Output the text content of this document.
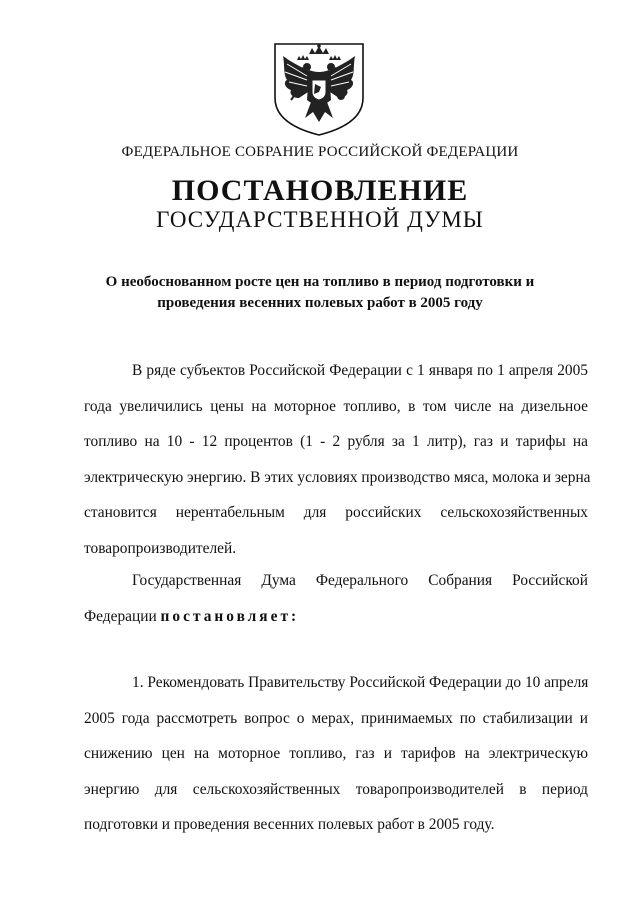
ФЕДЕРАЛЬНОЕ СОБРАНИЕ РОССИЙСКОЙ ФЕДЕРАЦИИ
ПОСТАНОВЛЕНИЕ
ГОСУДАРСТВЕННОЙ ДУМЫ
О необоснованном росте цен на топливо в период подготовки и
проведения весенних полевых работ в 2005 году
В ряде субъектов Российской Федерации с 1 января по 1 апреля 2005
года увеличились цены на моторное топливо, в том числе на дизельное
топливо на 10 - 12 процентов (1 - 2 рубля за 1 литр), газ и тарифы на
электрическую энергию. В этих условиях производство мяса, молока и зерна
становится нерентабельным для российских сельскохозяйственных
товаропроизводителей.
Государственная Дума Федерального Собрания Российской
Федерации постановляет:
1. Рекомендовать Правительству Российской Федерации до 10 апреля
2005 года рассмотреть вопрос о мерах, принимаемых по стабилизации и
снижению цен на моторное топливо, газ и тарифов на электрическую
энергию для сельскохозяйственных товаропроизводителей в период
подготовки и проведения весенних полевых работ в 2005 году.
